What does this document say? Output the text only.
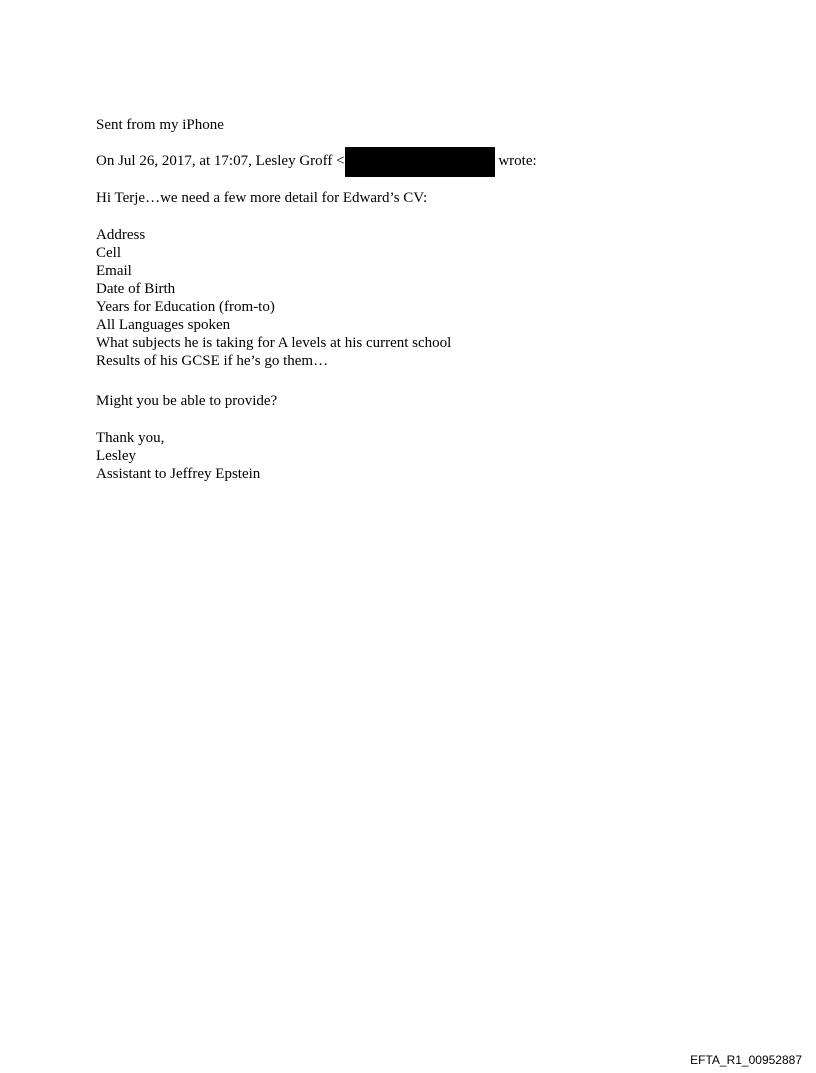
Sent from my iPhone
On Jul 26, 2017, at 17:07, Lesley Groff <	wrote:
Hi Terje…we need a few more detail for Edward’s CV:
Address
Cell
Email
Date of Birth
Years for Education (from-to)
All Languages spoken
What subjects he is taking for A levels at his current school
Results of his GCSE if he’s go them…
Might you be able to provide?
Thank you,
Lesley
Assistant to Jeffrey Epstein
EFTA_R1_00952887
